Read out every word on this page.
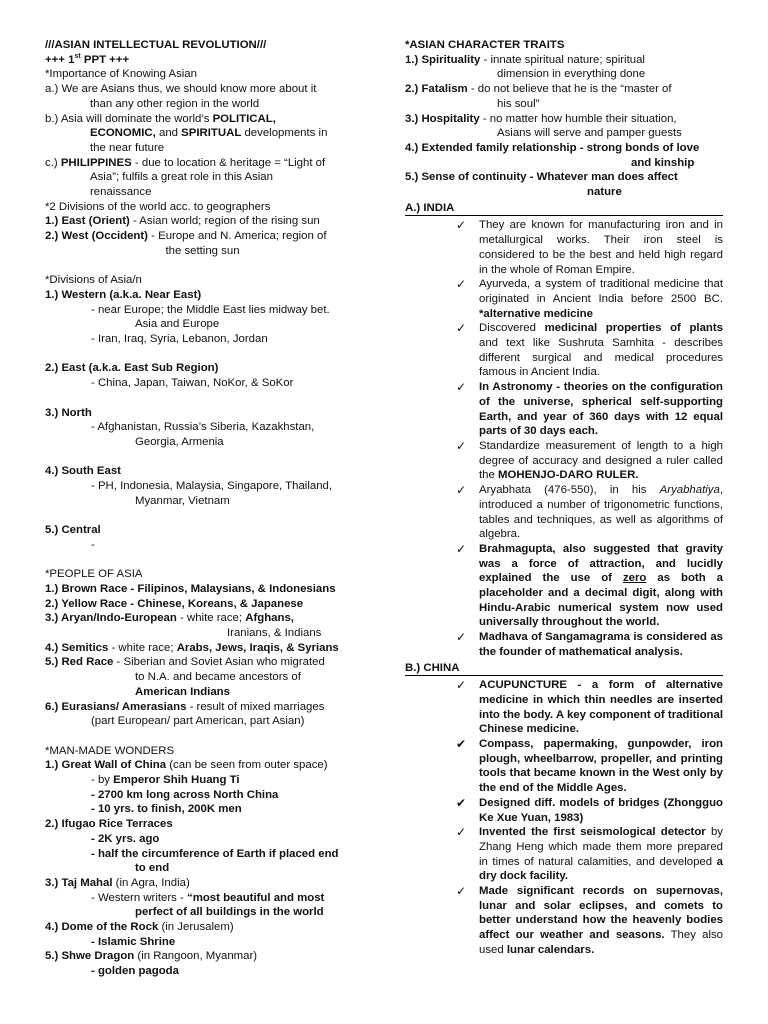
///ASIAN INTELLECTUAL REVOLUTION///
+++ 1st PPT +++
*Importance of Knowing Asian
a.) We are Asians thus, we should know more about it
than any other region in the world
b.) Asia will dominate the world’s POLITICAL,
ECONOMIC, and SPIRITUAL developments in
the near future
c.) PHILIPPINES - due to location & heritage = “Light of
Asia”; fulfils a great role in this Asian
renaissance
*2 Divisions of the world acc. to geographers
1.) East (Orient) - Asian world; region of the rising sun
2.) West (Occident) - Europe and N. America; region of
the setting sun
*Divisions of Asia/n
1.) Western (a.k.a. Near East)
- near Europe; the Middle East lies midway bet.
Asia and Europe
- Iran, Iraq, Syria, Lebanon, Jordan
2.) East (a.k.a. East Sub Region)
- China, Japan, Taiwan, NoKor, & SoKor
3.) North
- Afghanistan, Russia’s Siberia, Kazakhstan,
Georgia, Armenia
4.) South East
- PH, Indonesia, Malaysia, Singapore, Thailand,
Myanmar, Vietnam
5.) Central
-
*PEOPLE OF ASIA
1.) Brown Race - Filipinos, Malaysians, & Indonesians
2.) Yellow Race - Chinese, Koreans, & Japanese
3.) Aryan/Indo-European - white race; Afghans,
Iranians, & Indians
4.) Semitics - white race; Arabs, Jews, Iraqis, & Syrians
5.) Red Race - Siberian and Soviet Asian who migrated
to N.A. and became ancestors of
American Indians
6.) Eurasians/ Amerasians - result of mixed marriages
(part European/ part American, part Asian)
*MAN-MADE WONDERS
1.) Great Wall of China (can be seen from outer space)
- by Emperor Shih Huang Ti
- 2700 km long across North China
- 10 yrs. to finish, 200K men
2.) Ifugao Rice Terraces
- 2K yrs. ago
- half the circumference of Earth if placed end
to end
3.) Taj Mahal (in Agra, India)
- Western writers - “most beautiful and most
perfect of all buildings in the world
4.) Dome of the Rock (in Jerusalem)
- Islamic Shrine
5.) Shwe Dragon (in Rangoon, Myanmar)
- golden pagoda
*ASIAN CHARACTER TRAITS
1.) Spirituality - innate spiritual nature; spiritual
dimension in everything done
2.) Fatalism - do not believe that he is the “master of
his soul”
3.) Hospitality - no matter how humble their situation,
Asians will serve and pamper guests
4.) Extended family relationship - strong bonds of love
and kinship
5.) Sense of continuity - Whatever man does affect
nature
A.) INDIA
✓ They are known for manufacturing iron and in metallurgical works. Their iron steel is considered to be the best and held high regard in the whole of Roman Empire.
✓ Ayurveda, a system of traditional medicine that originated in Ancient India before 2500 BC. *alternative medicine
✓ Discovered medicinal properties of plants and text like Sushruta Samhita - describes different surgical and medical procedures famous in Ancient India.
✓ In Astronomy - theories on the configuration of the universe, spherical self-supporting Earth, and year of 360 days with 12 equal parts of 30 days each.
✓ Standardize measurement of length to a high degree of accuracy and designed a ruler called the MOHENJO-DARO RULER.
✓ Aryabhata (476-550), in his Aryabhatiya, introduced a number of trigonometric functions, tables and techniques, as well as algorithms of algebra.
✓ Brahmagupta, also suggested that gravity was a force of attraction, and lucidly explained the use of zero as both a placeholder and a decimal digit, along with Hindu-Arabic numerical system now used universally throughout the world.
✓ Madhava of Sangamagrama is considered as the founder of mathematical analysis.
B.) CHINA
✓ ACUPUNCTURE - a form of alternative medicine in which thin needles are inserted into the body. A key component of traditional Chinese medicine.
✔ Compass, papermaking, gunpowder, iron plough, wheelbarrow, propeller, and printing tools that became known in the West only by the end of the Middle Ages.
✔ Designed diff. models of bridges (Zhongguo Ke Xue Yuan, 1983)
✓ Invented the first seismological detector by Zhang Heng which made them more prepared in times of natural calamities, and developed a dry dock facility.
✓ Made significant records on supernovas, lunar and solar eclipses, and comets to better understand how the heavenly bodies affect our weather and seasons. They also used lunar calendars.
